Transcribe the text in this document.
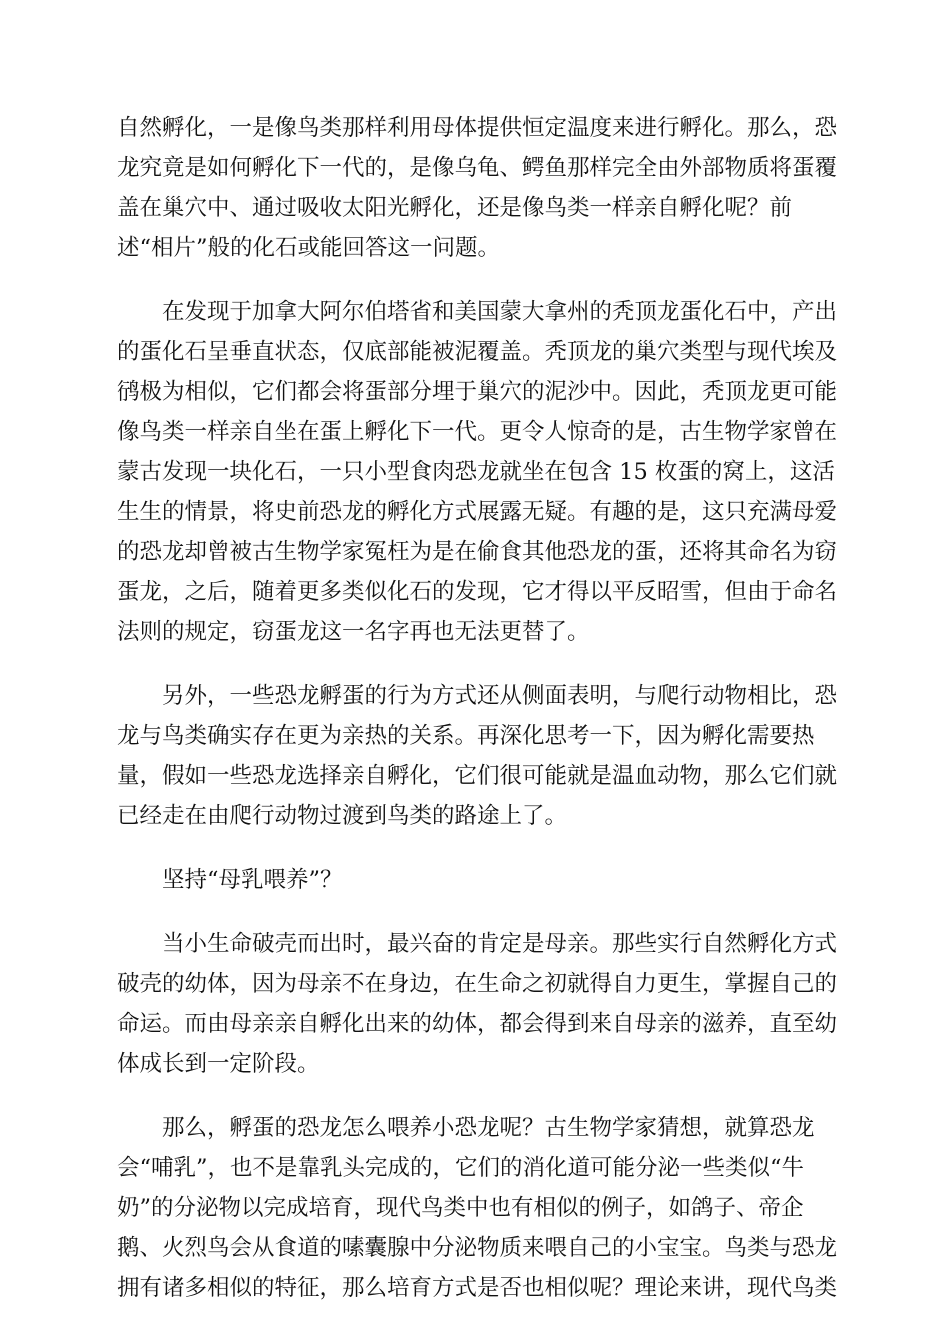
自然孵化，一是像鸟类那样利用母体提供恒定温度来进行孵化。那么，恐
龙究竟是如何孵化下一代的，是像乌龟、鳄鱼那样完全由外部物质将蛋覆
盖在巢穴中、通过吸收太阳光孵化，还是像鸟类一样亲自孵化呢？前
述“相片”般的化石或能回答这一问题。

在发现于加拿大阿尔伯塔省和美国蒙大拿州的秃顶龙蛋化石中，产出
的蛋化石呈垂直状态，仅底部能被泥覆盖。秃顶龙的巢穴类型与现代埃及
鸻极为相似，它们都会将蛋部分埋于巢穴的泥沙中。因此，秃顶龙更可能
像鸟类一样亲自坐在蛋上孵化下一代。更令人惊奇的是，古生物学家曾在
蒙古发现一块化石，一只小型食肉恐龙就坐在包含 15 枚蛋的窝上，这活
生生的情景，将史前恐龙的孵化方式展露无疑。有趣的是，这只充满母爱
的恐龙却曾被古生物学家冤枉为是在偷食其他恐龙的蛋，还将其命名为窃
蛋龙，之后，随着更多类似化石的发现，它才得以平反昭雪，但由于命名
法则的规定，窃蛋龙这一名字再也无法更替了。

另外，一些恐龙孵蛋的行为方式还从侧面表明，与爬行动物相比，恐
龙与鸟类确实存在更为亲热的关系。再深化思考一下，因为孵化需要热
量，假如一些恐龙选择亲自孵化，它们很可能就是温血动物，那么它们就
已经走在由爬行动物过渡到鸟类的路途上了。

坚持“母乳喂养”？

当小生命破壳而出时，最兴奋的肯定是母亲。那些实行自然孵化方式
破壳的幼体，因为母亲不在身边，在生命之初就得自力更生，掌握自己的
命运。而由母亲亲自孵化出来的幼体，都会得到来自母亲的滋养，直至幼
体成长到一定阶段。

那么，孵蛋的恐龙怎么喂养小恐龙呢？古生物学家猜想，就算恐龙
会“哺乳”，也不是靠乳头完成的，它们的消化道可能分泌一些类似“牛
奶”的分泌物以完成培育，现代鸟类中也有相似的例子，如鸽子、帝企
鹅、火烈鸟会从食道的嗉囊腺中分泌物质来喂自己的小宝宝。鸟类与恐龙
拥有诸多相似的特征，那么培育方式是否也相似呢？理论来讲，现代鸟类
